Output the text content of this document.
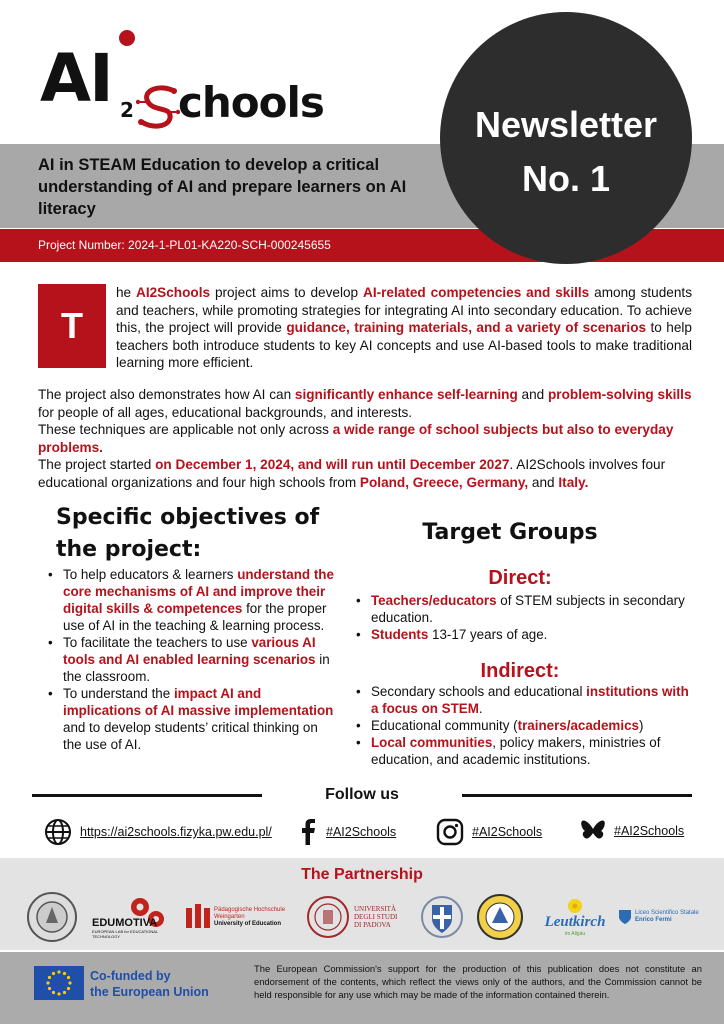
AI 2 chools
AI in STEAM Education to develop a critical understanding of AI and prepare learners on AI literacy
Project Number: 2024-1-PL01-KA220-SCH-000245655
Newsletter
No. 1
T
he AI2Schools project aims to develop AI-related competencies and skills among students and teachers, while promoting strategies for integrating AI into secondary education. To achieve this, the project will provide guidance, training materials, and a variety of scenarios to help teachers both introduce students to key AI concepts and use AI-based tools to make traditional learning more efficient.

The project also demonstrates how AI can significantly enhance self-learning and problem-solving skills for people of all ages, educational backgrounds, and interests.

These techniques are applicable not only across a wide range of school subjects but also to everyday problems.

The project started on December 1, 2024, and will run until December 2027. AI2Schools involves four educational organizations and four high schools from Poland, Greece, Germany, and Italy.

Specific objectives of the project:
• To help educators & learners understand the core mechanisms of AI and improve their digital skills & competences for the proper use of AI in the teaching & learning process.
• To facilitate the teachers to use various AI tools and AI enabled learning scenarios in the classroom.
• To understand the impact AI and implications of AI massive implementation and to develop students’ critical thinking on the use of AI.
Target Groups
Direct:
• Teachers/educators of STEM subjects in secondary education.
• Students 13-17 years of age.
Indirect:
• Secondary schools and educational institutions with a focus on STEM.
• Educational community (trainers/academics)
• Local communities, policy makers, ministries of education, and academic institutions.
Follow us
https://ai2schools.fizyka.pw.edu.pl/	#AI2Schools	#AI2Schools	#AI2Schools
The Partnership
EDUMOTIVA
EUROPEAN LAB for EDUCATIONAL TECHNOLOGY
Pädagogische Hochschule
Weingarten
University of Education
UNIVERSITÀ
DEGLI STUDI
DI PADOVA	Leutkirch
im Allgäu
Liceo Scientifico Statale
Enrico Fermi
Co-funded by
the European Union
The European Commission's support for the production of this publication does not constitute an endorsement of the contents, which reflect the views only of the authors, and the Commission cannot be held responsible for any use which may be made of the information contained therein.
